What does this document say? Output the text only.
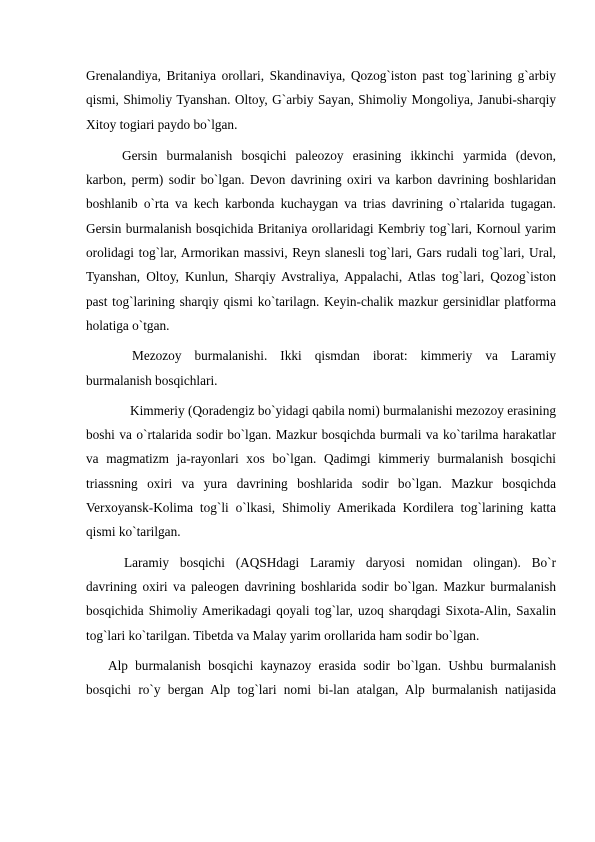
Grenalandiya, Britaniya orollari, Skandinaviya, Qozog`iston past tog`larining g`arbiy qismi, Shimoliy Tyanshan. Oltoy, G`arbiy Sayan, Shimoliy Mongoliya, Janubi-sharqiy Xitoy togiari paydo bo`lgan.

Gersin burmalanish bosqichi paleozoy erasining ikkinchi yarmida (devon, karbon, perm) sodir bo`lgan. Devon davrining oxiri va karbon davrining boshlaridan boshlanib o`rta va kech karbonda kuchaygan va trias davrining o`rtalarida tugagan. Gersin burmalanish bosqichida Britaniya orollaridagi Kembriy tog`lari, Kornoul yarim orolidagi tog`lar, Armorikan massivi, Reyn slanesli tog`lari, Gars rudali tog`lari, Ural, Tyanshan, Oltoy, Kunlun, Sharqiy Avstraliya, Appalachi, Atlas tog`lari, Qozog`iston past tog`larining sharqiy qismi ko`tarilagn. Keyin-chalik mazkur gersinidlar platforma holatiga o`tgan.

Mezozoy burmalanishi. Ikki qismdan iborat: kimmeriy va Laramiy burmalanish bosqichlari.

Kimmeriy (Qoradengiz bo`yidagi qabila nomi) burmalanishi mezozoy erasining boshi va o`rtalarida sodir bo`lgan. Mazkur bosqichda burmali va ko`tarilma harakatlar va magmatizm ja-rayonlari xos bo`lgan. Qadimgi kimmeriy burmalanish bosqichi triassning oxiri va yura davrining boshlarida sodir bo`lgan. Mazkur bosqichda Verxoyansk-Kolima tog`li o`lkasi, Shimoliy Amerikada Kordilera tog`larining katta qismi ko`tarilgan.

Laramiy bosqichi (AQSHdagi Laramiy daryosi nomidan olingan). Bo`r davrining oxiri va paleogen davrining boshlarida sodir bo`lgan. Mazkur burmalanish bosqichida Shimoliy Amerikadagi qoyali tog`lar, uzoq sharqdagi Sixota-Alin, Saxalin tog`lari ko`tarilgan. Tibetda va Malay yarim orollarida ham sodir bo`lgan.

Alp burmalanish bosqichi kaynazoy erasida sodir bo`lgan. Ushbu burmalanish bosqichi ro`y bergan Alp tog`lari nomi bi-lan atalgan, Alp burmalanish natijasida
